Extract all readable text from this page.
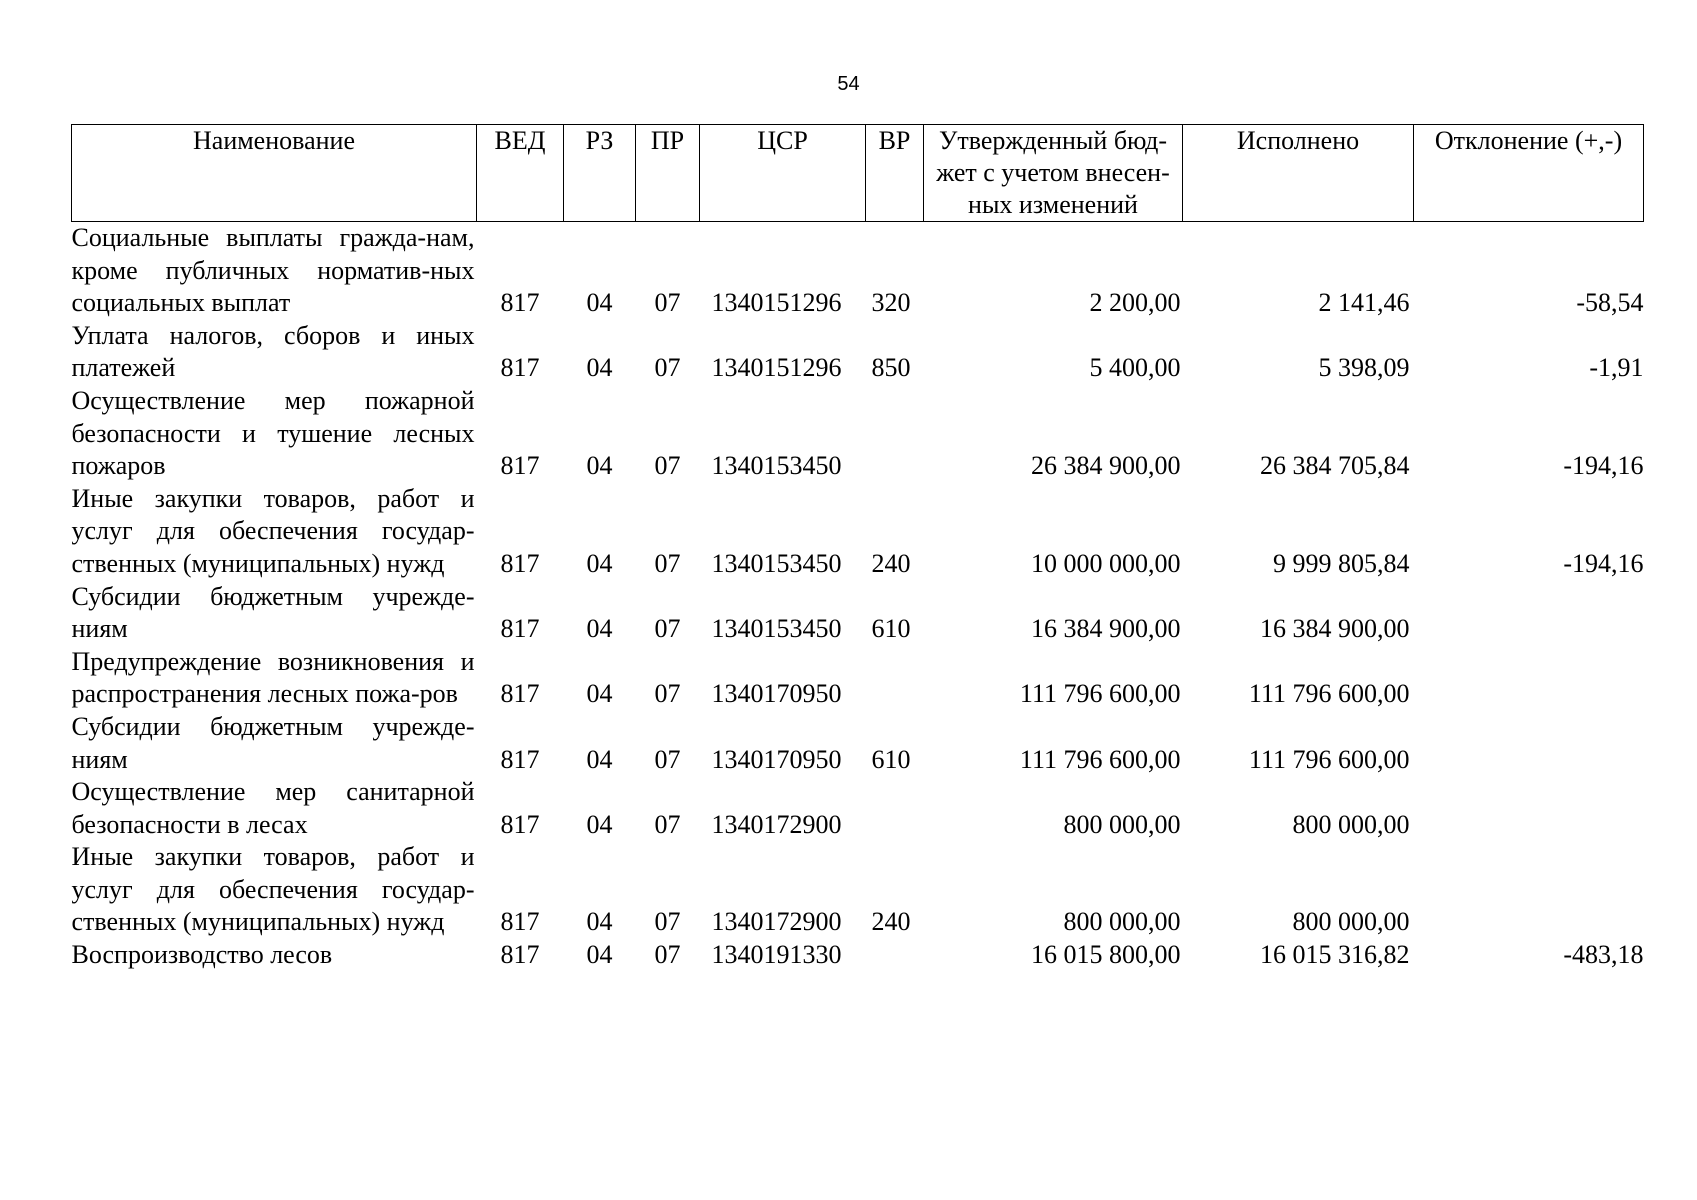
54
Наименование	ВЕД	РЗ	ПР	ЦСР	ВР	Утвержденный бюд-жет с учетом внесен-ных изменений	Исполнено	Отклонение (+,-)
Социальные выплаты гражда-нам, кроме публичных норматив-ных социальных выплат	817	04	07	1340151296	320	2 200,00	2 141,46	-58,54
Уплата налогов, сборов и иных платежей	817	04	07	1340151296	850	5 400,00	5 398,09	-1,91
Осуществление мер пожарной безопасности и тушение лесных пожаров	817	04	07	1340153450		26 384 900,00	26 384 705,84	-194,16
Иные закупки товаров, работ и услуг для обеспечения государ-ственных (муниципальных) нужд	817	04	07	1340153450	240	10 000 000,00	9 999 805,84	-194,16
Субсидии бюджетным учрежде-ниям	817	04	07	1340153450	610	16 384 900,00	16 384 900,00	
Предупреждение возникновения и распространения лесных пожа-ров	817	04	07	1340170950		111 796 600,00	111 796 600,00	
Субсидии бюджетным учрежде-ниям	817	04	07	1340170950	610	111 796 600,00	111 796 600,00	
Осуществление мер санитарной безопасности в лесах	817	04	07	1340172900		800 000,00	800 000,00	
Иные закупки товаров, работ и услуг для обеспечения государ-ственных (муниципальных) нужд	817	04	07	1340172900	240	800 000,00	800 000,00	
Воспроизводство лесов	817	04	07	1340191330		16 015 800,00	16 015 316,82	-483,18
